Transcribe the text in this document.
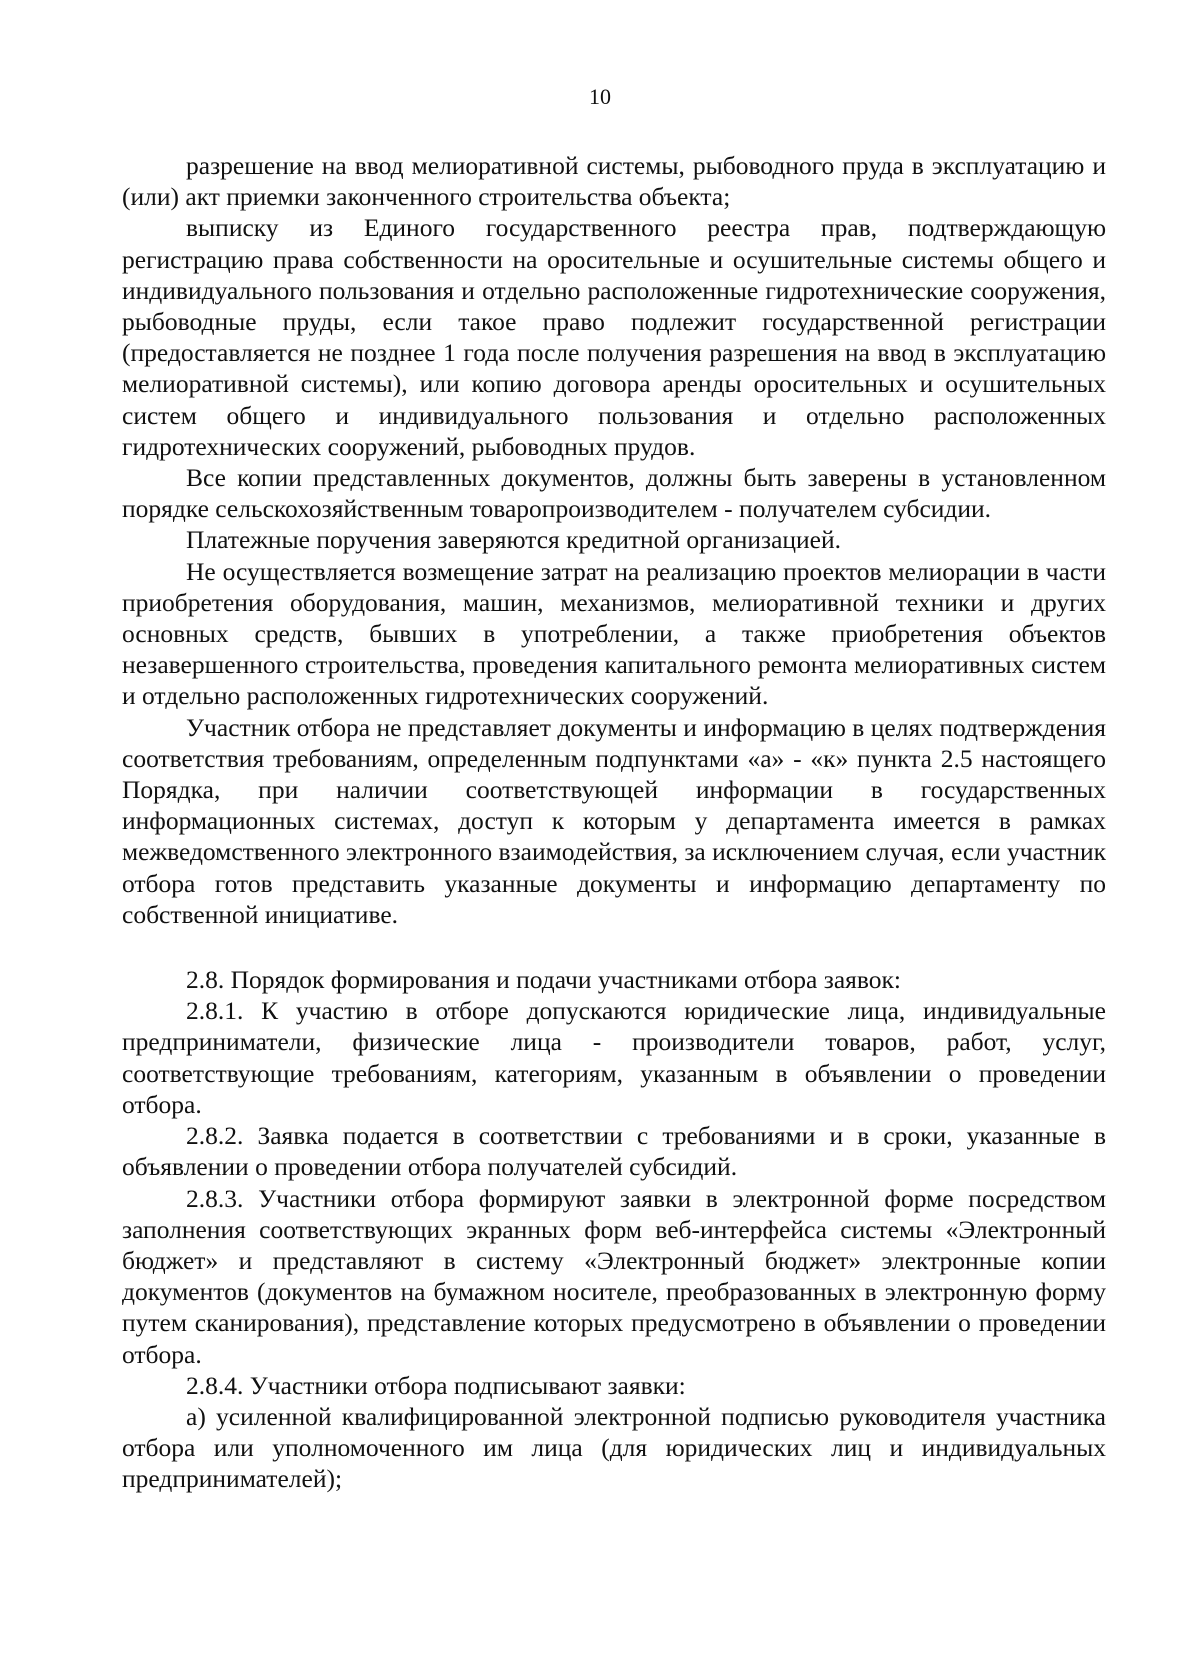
10

разрешение на ввод мелиоративной системы, рыбоводного пруда в эксплуатацию и (или) акт приемки законченного строительства объекта;

выписку из Единого государственного реестра прав, подтверждающую регистрацию права собственности на оросительные и осушительные системы общего и индивидуального пользования и отдельно расположенные гидротехнические сооружения, рыбоводные пруды, если такое право подлежит государственной регистрации (предоставляется не позднее 1 года после получения разрешения на ввод в эксплуатацию мелиоративной системы), или копию договора аренды оросительных и осушительных систем общего и индивидуального пользования и отдельно расположенных гидротехнических сооружений, рыбоводных прудов.

Все копии представленных документов, должны быть заверены в установленном порядке сельскохозяйственным товаропроизводителем - получателем субсидии.

Платежные поручения заверяются кредитной организацией.

Не осуществляется возмещение затрат на реализацию проектов мелиорации в части приобретения оборудования, машин, механизмов, мелиоративной техники и других основных средств, бывших в употреблении, а также приобретения объектов незавершенного строительства, проведения капитального ремонта мелиоративных систем и отдельно расположенных гидротехнических сооружений.

Участник отбора не представляет документы и информацию в целях подтверждения соответствия требованиям, определенным подпунктами «а» - «к» пункта 2.5 настоящего Порядка, при наличии соответствующей информации в государственных информационных системах, доступ к которым у департамента имеется в рамках межведомственного электронного взаимодействия, за исключением случая, если участник отбора готов представить указанные документы и информацию департаменту по собственной инициативе.

2.8. Порядок формирования и подачи участниками отбора заявок:

2.8.1. К участию в отборе допускаются юридические лица, индивидуальные предприниматели, физические лица - производители товаров, работ, услуг, соответствующие требованиям, категориям, указанным в объявлении о проведении отбора.

2.8.2. Заявка подается в соответствии с требованиями и в сроки, указанные в объявлении о проведении отбора получателей субсидий.

2.8.3. Участники отбора формируют заявки в электронной форме посредством заполнения соответствующих экранных форм веб-интерфейса системы «Электронный бюджет» и представляют в систему «Электронный бюджет» электронные копии документов (документов на бумажном носителе, преобразованных в электронную форму путем сканирования), представление которых предусмотрено в объявлении о проведении отбора.

2.8.4. Участники отбора подписывают заявки:

а) усиленной квалифицированной электронной подписью руководителя участника отбора или уполномоченного им лица (для юридических лиц и индивидуальных предпринимателей);
